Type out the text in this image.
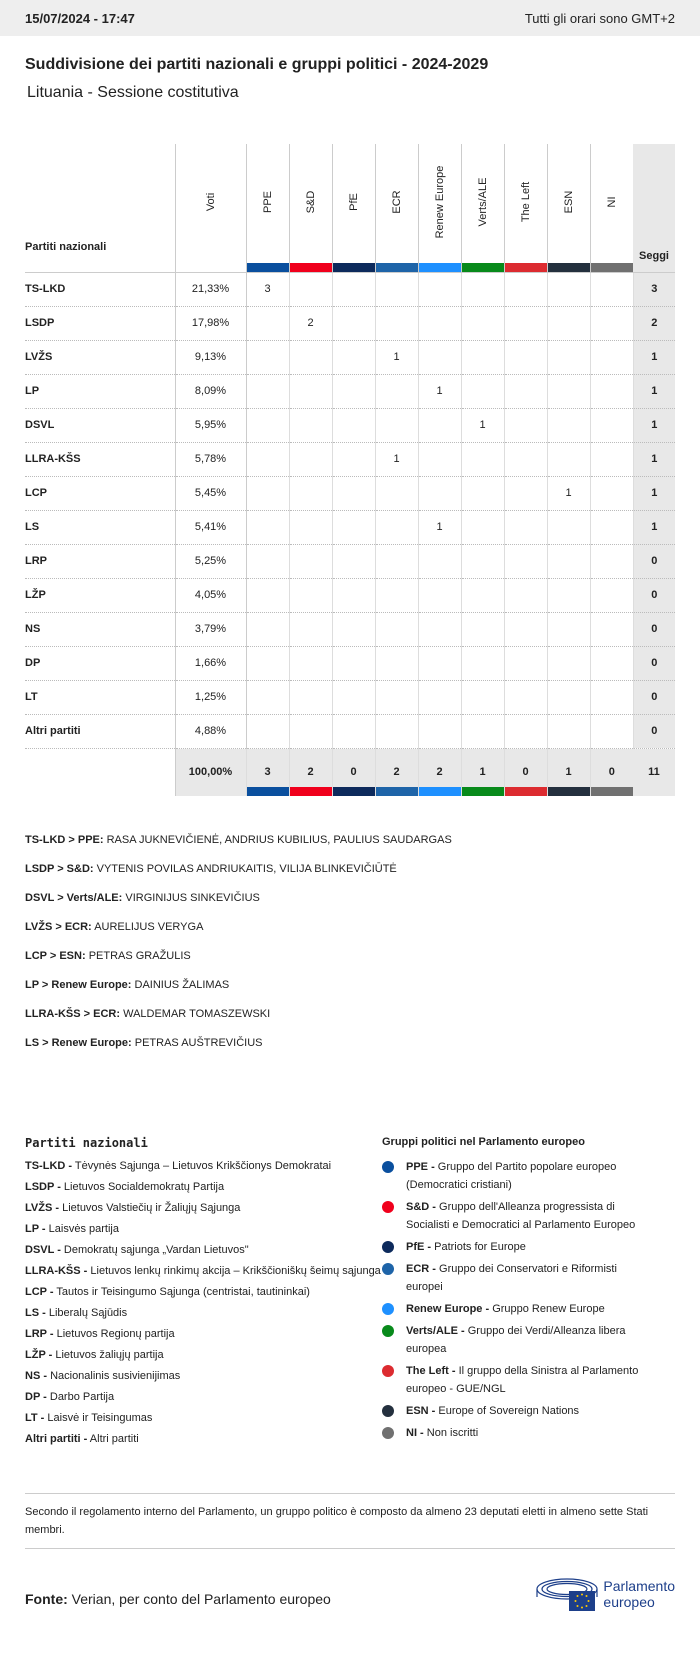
15/07/2024 - 17:47	Tutti gli orari sono GMT+2
Suddivisione dei partiti nazionali e gruppi politici - 2024-2029
Lituania - Sessione costitutiva
Partiti nazionali	Voti	PPE	S&D	PfE	ECR	Renew Europe	Verts/ALE	The Left	ESN	NI	Seggi
TS-LKD	21,33%	3									3
LSDP	17,98%		2								2
LVŽS	9,13%				1						1
LP	8,09%					1					1
DSVL	5,95%						1				1
LLRA-KŠS	5,78%				1						1
LCP	5,45%								1		1
LS	5,41%					1					1
LRP	5,25%										0
LŽP	4,05%										0
NS	3,79%										0
DP	1,66%										0
LT	1,25%										0
Altri partiti	4,88%										0
	100,00%	3	2	0	2	2	1	0	1	0	11
TS-LKD > PPE: RASA JUKNEVIČIENĖ, ANDRIUS KUBILIUS, PAULIUS SAUDARGAS
LSDP > S&D: VYTENIS POVILAS ANDRIUKAITIS, VILIJA BLINKEVIČIŪTĖ
DSVL > Verts/ALE: VIRGINIJUS SINKEVIČIUS
LVŽS > ECR: AURELIJUS VERYGA
LCP > ESN: PETRAS GRAŽULIS
LP > Renew Europe: DAINIUS ŽALIMAS
LLRA-KŠS > ECR: WALDEMAR TOMASZEWSKI
LS > Renew Europe: PETRAS AUŠTREVIČIUS
Partiti nazionali
TS-LKD - Tėvynės Sąjunga – Lietuvos Krikščionys Demokratai
LSDP - Lietuvos Socialdemokratų Partija
LVŽS - Lietuvos Valstiečių ir Žaliųjų Sąjunga
LP - Laisvės partija
DSVL - Demokratų sąjunga „Vardan Lietuvos"
LLRA-KŠS - Lietuvos lenkų rinkimų akcija – Krikščioniškų šeimų sąjunga
LCP - Tautos ir Teisingumo Sąjunga (centristai, tautininkai)
LS - Liberalų Sąjūdis
LRP - Lietuvos Regionų partija
LŽP - Lietuvos žaliųjų partija
NS - Nacionalinis susivienijimas
DP - Darbo Partija
LT - Laisvė ir Teisingumas
Altri partiti - Altri partiti
Gruppi politici nel Parlamento europeo
PPE - Gruppo del Partito popolare europeo (Democratici cristiani)
S&D - Gruppo dell'Alleanza progressista di Socialisti e Democratici al Parlamento Europeo
PfE - Patriots for Europe
ECR - Gruppo dei Conservatori e Riformisti europei
Renew Europe - Gruppo Renew Europe
Verts/ALE - Gruppo dei Verdi/Alleanza libera europea
The Left - Il gruppo della Sinistra al Parlamento europeo - GUE/NGL
ESN - Europe of Sovereign Nations
NI - Non iscritti
Secondo il regolamento interno del Parlamento, un gruppo politico è composto da almeno 23 deputati eletti in almeno sette Stati membri.
Fonte: Verian, per conto del Parlamento europeo
Parlamento
europeo
